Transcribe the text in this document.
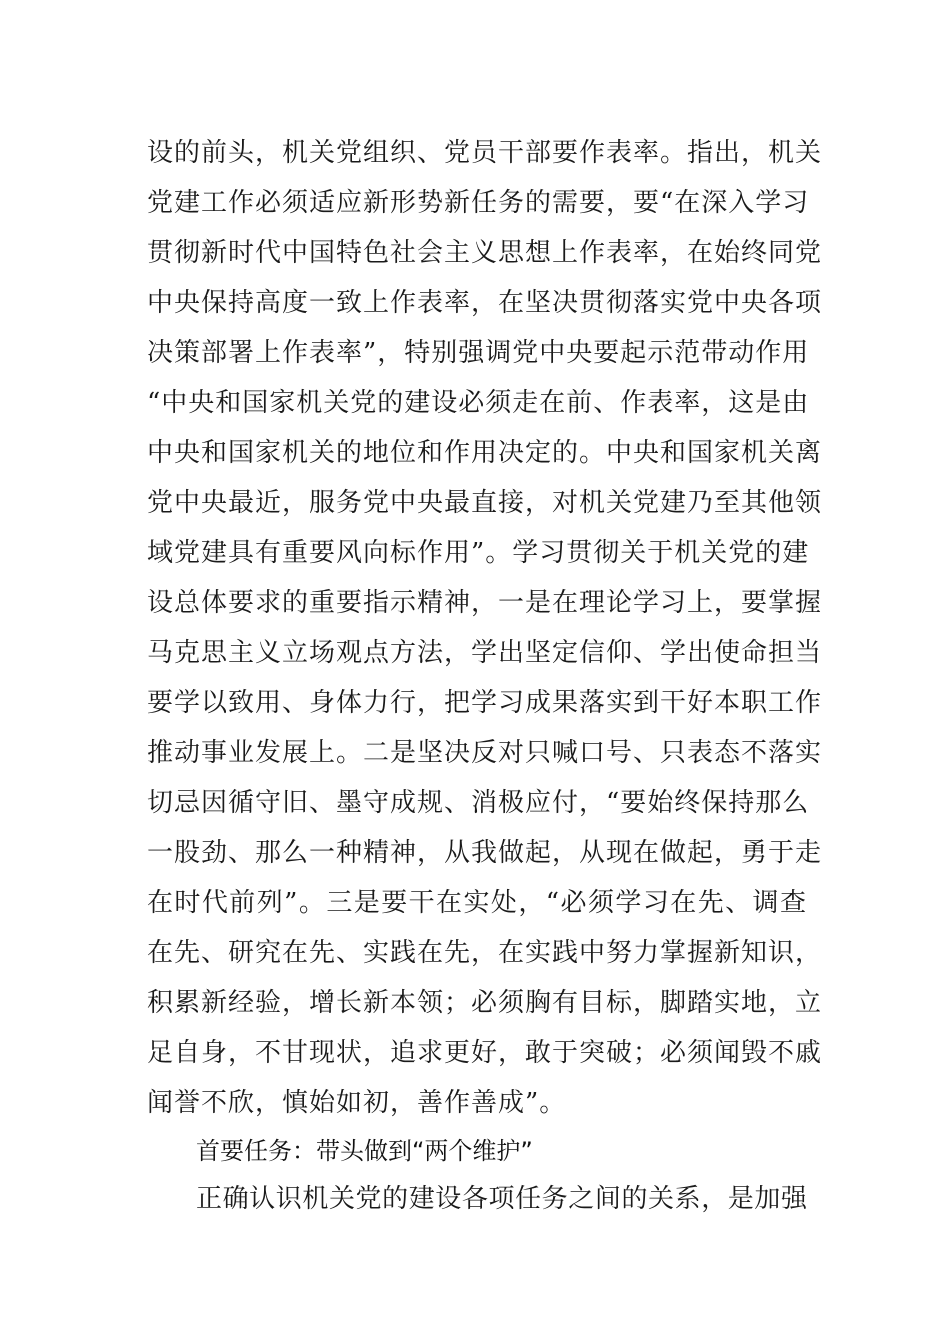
设的前头，机关党组织、党员干部要作表率。指出，机关
党建工作必须适应新形势新任务的需要，要“在深入学习
贯彻新时代中国特色社会主义思想上作表率，在始终同党
中央保持高度一致上作表率，在坚决贯彻落实党中央各项
决策部署上作表率”，特别强调党中央要起示范带动作用
“中央和国家机关党的建设必须走在前、作表率，这是由
中央和国家机关的地位和作用决定的。中央和国家机关离
党中央最近，服务党中央最直接，对机关党建乃至其他领
域党建具有重要风向标作用”。学习贯彻关于机关党的建
设总体要求的重要指示精神，一是在理论学习上，要掌握
马克思主义立场观点方法，学出坚定信仰、学出使命担当
要学以致用、身体力行，把学习成果落实到干好本职工作
推动事业发展上。二是坚决反对只喊口号、只表态不落实
切忌因循守旧、墨守成规、消极应付，“要始终保持那么
一股劲、那么一种精神，从我做起，从现在做起，勇于走
在时代前列”。三是要干在实处，“必须学习在先、调查
在先、研究在先、实践在先，在实践中努力掌握新知识，
积累新经验，增长新本领；必须胸有目标，脚踏实地，立
足自身，不甘现状，追求更好，敢于突破；必须闻毁不戚
闻誉不欣，慎始如初，善作善成”。
首要任务：带头做到“两个维护”
正确认识机关党的建设各项任务之间的关系，是加强
